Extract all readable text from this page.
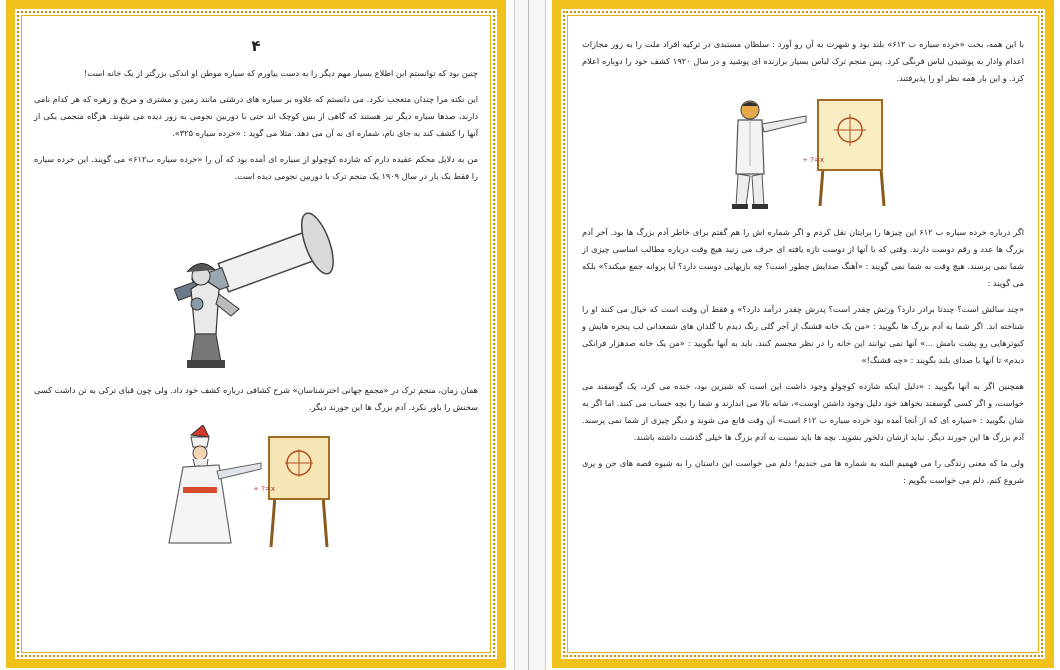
۴

چنین بود که توانستم این اطلاع بسیار مهم دیگر را به دست بیاورم که سیاره موطن او اندکی بزرگتر از یک خانه است!

این نکته مرا چندان متعجب نکرد. می دانستم که علاوه بر سیاره های درشتی مانند زمین و مشتری و مریخ و زهره که هر کدام نامی دارند، صدها سیاره دیگر نیز هستند که گاهی از بس کوچک اند حتی با دوربین نجومی به زور دیده می شوند. هرگاه منجمی یکی از آنها را کشف کند به جای نام، شماره ای به آن می دهد. مثلا می گوید : «خرده سیاره ۳۲۵».

من به دلایل محکم عقیده دارم که شازده کوچولو از سیاره ای آمده بود که آن را «خرده سیاره ب۶۱۲» می گویند. این خرده سیاره را فقط یک بار در سال ۱۹۰۹ یک منجم ترک با دوربین نجومی دیده است.

همان زمان، منجم ترک در «مجمع جهانی اخترشناسان» شرح کشافی درباره کشف خود داد. ولی چون قبای ترکی به تن داشت کسی سخنش را باور نکرد. آدم بزرگ ها این جورند دیگر.

x=? ÷

با این همه، بخت «خرده سیاره ب ۶۱۲» بلند بود و شهرت به آن رو آورد : سلطان مستبدی در ترکیه افراد ملت را به زور مجازات اعدام وادار به پوشیدن لباس فرنگی کرد. پس منجم ترک لباس بسیار برازنده ای پوشید و در سال ۱۹۲۰ کشف خود را دوباره اعلام کرد. و این بار همه نظر او را پذیرفتند.

x=? ÷

اگر درباره خرده سیاره ب ۶۱۲ این چیزها را برایتان نقل کردم و اگر شماره اش را هم گفتم برای خاطر آدم بزرگ ها بود. آخر آدم بزرگ ها عدد و رقم دوست دارند. وقتی که با آنها از دوست تازه یافته ای حرف می زنید هیچ وقت درباره مطالب اساسی چیزی از شما نمی پرسند. هیچ وقت به شما نمی گویند : «آهنگ صدایش چطور است؟ چه بازیهایی دوست دارد؟ آیا پروانه جمع میکند؟» بلکه می گویند :

«چند سالش است؟ چندتا برادر دارد؟ وزنش چقدر است؟ پدرش چقدر درآمد دارد؟» و فقط آن وقت است که خیال می کنند او را شناخته اند. اگر شما به آدم بزرگ ها بگویید : «من یک خانه قشنگ از آجر گلی رنگ دیدم با گلدان های شمعدانی لب پنجره هایش و کبوترهایی رو پشت بامش ...» آنها نمی توانند این خانه را در نظر مجسم کنند. باید به آنها بگویید : «من یک خانه صدهزار فرانکی دیدم» تا آنها با صدای بلند بگویند : «چه قشنگ!»

همچنین اگر به آنها بگویید : «دلیل اینکه شازده کوچولو وجود داشت این است که شیرین بود، خنده می کرد، یک گوسفند می خواست، و اگر کسی گوسفند بخواهد خود دلیل وجود داشتن اوست»، شانه بالا می اندازند و شما را بچه حساب می کنند. اما اگر به شان بگویید : «سیاره ای که از آنجا آمده بود خرده سیاره ب ۶۱۲ است» آن وقت قانع می شوند و دیگر چیزی از شما نمی پرسند. آدم بزرگ ها این جورند دیگر. نباید ازشان دلخور بشوید. بچه ها باید نسبت به آدم بزرگ ها خیلی گذشت داشته باشند.

ولی ما که معنی زندگی را می فهمیم البته به شماره ها می خندیم! دلم می خواست این داستان را به شیوه قصه های جن و پری شروع کنم. دلم می خواست بگویم :
